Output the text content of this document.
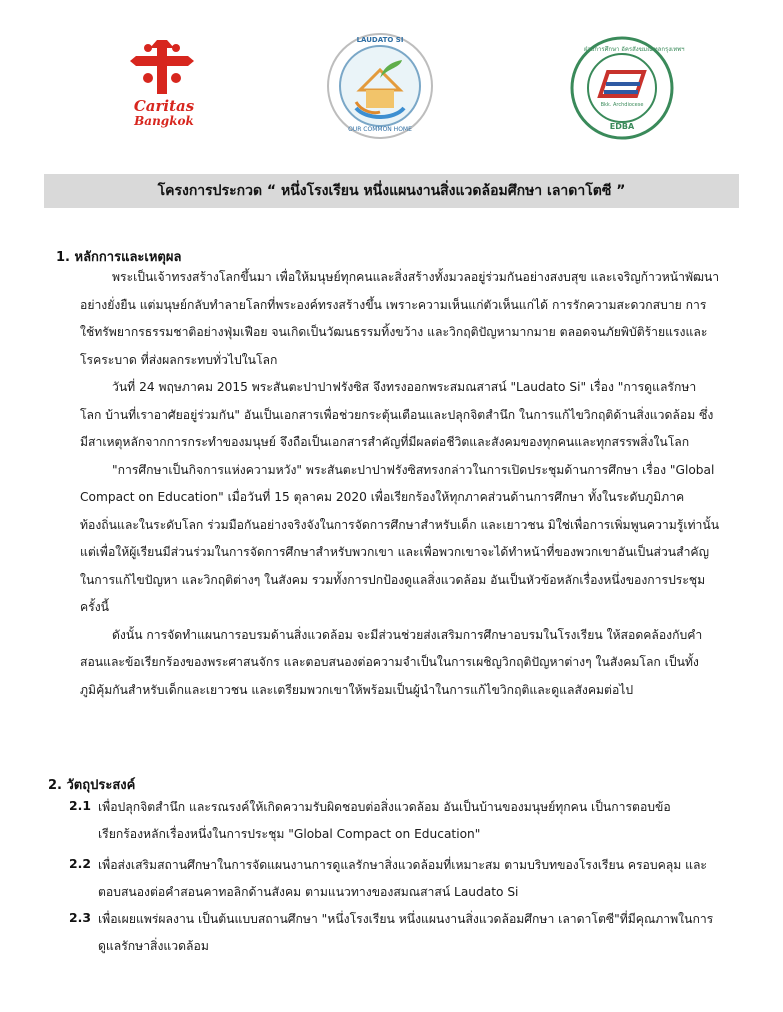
Caritas
Bangkok
LAUDATO SI
OUR COMMON HOME
ฝ่ายการศึกษา อัครสังฆมณฑลกรุงเทพฯ
Bkk. Archdiocese
EDBA
โครงการประกวด “ หนึ่งโรงเรียน หนึ่งแผนงานสิ่งแวดล้อมศึกษา เลาดาโตซี ”
1. หลักการและเหตุผล
พระเป็นเจ้าทรงสร้างโลกขึ้นมา เพื่อให้มนุษย์ทุกคนและสิ่งสร้างทั้งมวลอยู่ร่วมกันอย่างสงบสุข และเจริญก้าวหน้าพัฒนา
อย่างยั่งยืน แต่มนุษย์กลับทำลายโลกที่พระองค์ทรงสร้างขึ้น เพราะความเห็นแก่ตัวเห็นแก่ได้ การรักความสะดวกสบาย การ
ใช้ทรัพยากรธรรมชาติอย่างฟุ่มเฟือย จนเกิดเป็นวัฒนธรรมทิ้งขว้าง และวิกฤติปัญหามากมาย ตลอดจนภัยพิบัติร้ายแรงและ
โรคระบาด ที่ส่งผลกระทบทั่วไปในโลก
วันที่ 24 พฤษภาคม 2015 พระสันตะปาปาฟรังซิส จึงทรงออกพระสมณสาสน์ "Laudato Si" เรื่อง "การดูแลรักษา
โลก บ้านที่เราอาศัยอยู่ร่วมกัน" อันเป็นเอกสารเพื่อช่วยกระตุ้นเตือนและปลุกจิตสำนึก ในการแก้ไขวิกฤติด้านสิ่งแวดล้อม ซึ่ง
มีสาเหตุหลักจากการกระทำของมนุษย์ จึงถือเป็นเอกสารสำคัญที่มีผลต่อชีวิตและสังคมของทุกคนและทุกสรรพสิ่งในโลก
"การศึกษาเป็นกิจการแห่งความหวัง" พระสันตะปาปาฟรังซิสทรงกล่าวในการเปิดประชุมด้านการศึกษา เรื่อง "Global
Compact on Education" เมื่อวันที่ 15 ตุลาคม 2020 เพื่อเรียกร้องให้ทุกภาคส่วนด้านการศึกษา ทั้งในระดับภูมิภาค
ท้องถิ่นและในระดับโลก ร่วมมือกันอย่างจริงจังในการจัดการศึกษาสำหรับเด็ก และเยาวชน มิใช่เพื่อการเพิ่มพูนความรู้เท่านั้น
แต่เพื่อให้ผู้เรียนมีส่วนร่วมในการจัดการศึกษาสำหรับพวกเขา และเพื่อพวกเขาจะได้ทำหน้าที่ของพวกเขาอันเป็นส่วนสำคัญ
ในการแก้ไขปัญหา และวิกฤติต่างๆ ในสังคม รวมทั้งการปกป้องดูแลสิ่งแวดล้อม อันเป็นหัวข้อหลักเรื่องหนึ่งของการประชุม
ครั้งนี้
ดังนั้น การจัดทำแผนการอบรมด้านสิ่งแวดล้อม จะมีส่วนช่วยส่งเสริมการศึกษาอบรมในโรงเรียน ให้สอดคล้องกับคำ
สอนและข้อเรียกร้องของพระศาสนจักร และตอบสนองต่อความจำเป็นในการเผชิญวิกฤติปัญหาต่างๆ ในสังคมโลก เป็นทั้ง
ภูมิคุ้มกันสำหรับเด็กและเยาวชน และเตรียมพวกเขาให้พร้อมเป็นผู้นำในการแก้ไขวิกฤติและดูแลสังคมต่อไป
2. วัตถุประสงค์
2.1 เพื่อปลุกจิตสำนึก และรณรงค์ให้เกิดความรับผิดชอบต่อสิ่งแวดล้อม อันเป็นบ้านของมนุษย์ทุกคน เป็นการตอบข้อ
เรียกร้องหลักเรื่องหนึ่งในการประชุม "Global Compact on Education"
2.2 เพื่อส่งเสริมสถานศึกษาในการจัดแผนงานการดูแลรักษาสิ่งแวดล้อมที่เหมาะสม ตามบริบทของโรงเรียน ครอบคลุม และ
ตอบสนองต่อคำสอนคาทอลิกด้านสังคม ตามแนวทางของสมณสาสน์ Laudato Si
2.3 เพื่อเผยแพร่ผลงาน เป็นต้นแบบสถานศึกษา "หนึ่งโรงเรียน หนึ่งแผนงานสิ่งแวดล้อมศึกษา เลาดาโตซี"ที่มีคุณภาพในการ
ดูแลรักษาสิ่งแวดล้อม
